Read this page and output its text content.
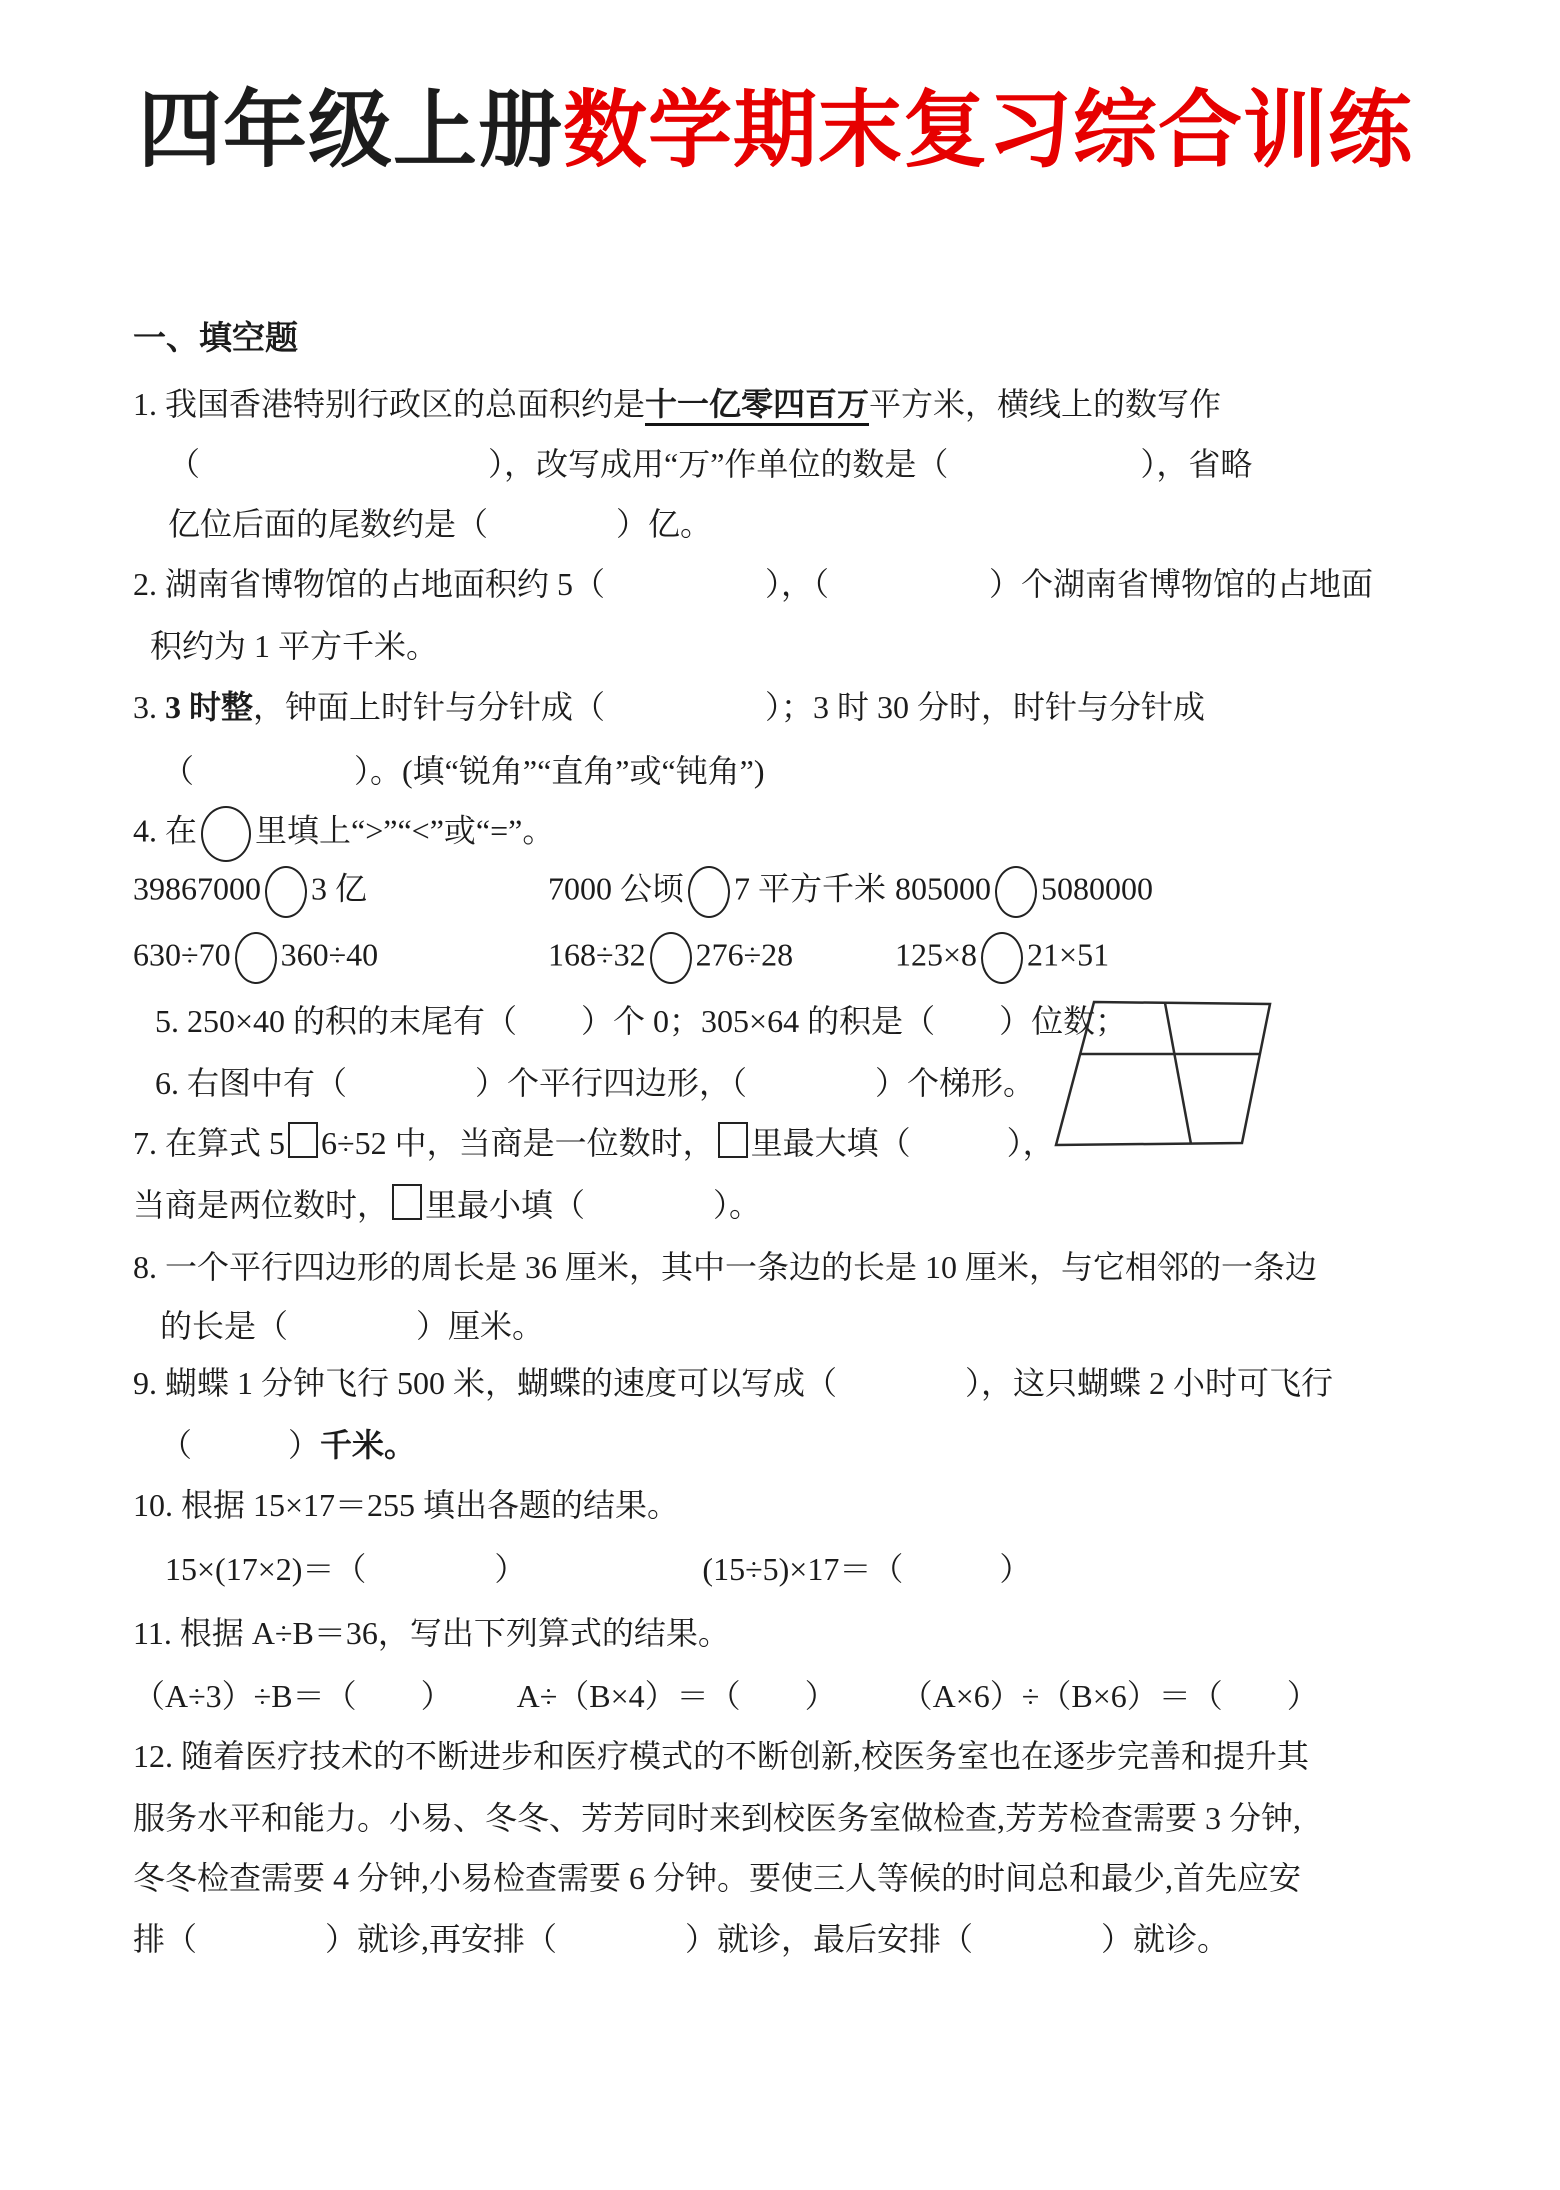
四年级上册数学期末复习综合训练
一、填空题
1. 我国香港特别行政区的总面积约是十一亿零四百万平方米，横线上的数写作
（　　　　　　　　　），改写成用“万”作单位的数是（　　　　　　），省略
亿位后面的尾数约是（　　　　）亿。
2. 湖南省博物馆的占地面积约 5（　　　　　），（　　　　　）个湖南省博物馆的占地面
积约为 1 平方千米。
3. 3 时整，钟面上时针与分针成（　　　　　）；3 时 30 分时，时针与分针成
（　　　　　）。(填“锐角”“直角”或“钝角”)
4. 在 里填上“>”“<”或“=”。
39867000 3 亿	7000 公顷 7 平方千米 805000 5080000
630÷70 360÷40	168÷32 276÷28	125×8 21×51
5. 250×40 的积的末尾有（　　）个 0；305×64 的积是（　　）位数；
6. 右图中有（　　　　）个平行四边形，（　　　　）个梯形。
7. 在算式 5 6÷52 中，当商是一位数时， 里最大填（　　　），
当商是两位数时， 里最小填（　　　　）。
8. 一个平行四边形的周长是 36 厘米，其中一条边的长是 10 厘米，与它相邻的一条边
的长是（　　　　）厘米。
9. 蝴蝶 1 分钟飞行 500 米，蝴蝶的速度可以写成（　　　　），这只蝴蝶 2 小时可飞行
（　　　）千米。
10. 根据 15×17＝255 填出各题的结果。
15×(17×2)＝（　　　　）                      (15÷5)×17＝（　　　）
11. 根据 A÷B＝36，写出下列算式的结果。
（A÷3）÷B＝（　　）        A÷（B×4）＝（　　）        （A×6）÷（B×6）＝（　　）
12. 随着医疗技术的不断进步和医疗模式的不断创新,校医务室也在逐步完善和提升其
服务水平和能力。小易、冬冬、芳芳同时来到校医务室做检查,芳芳检查需要 3 分钟,
冬冬检查需要 4 分钟,小易检查需要 6 分钟。要使三人等候的时间总和最少,首先应安
排（　　　　）就诊,再安排（　　　　）就诊，最后安排（　　　　）就诊。
